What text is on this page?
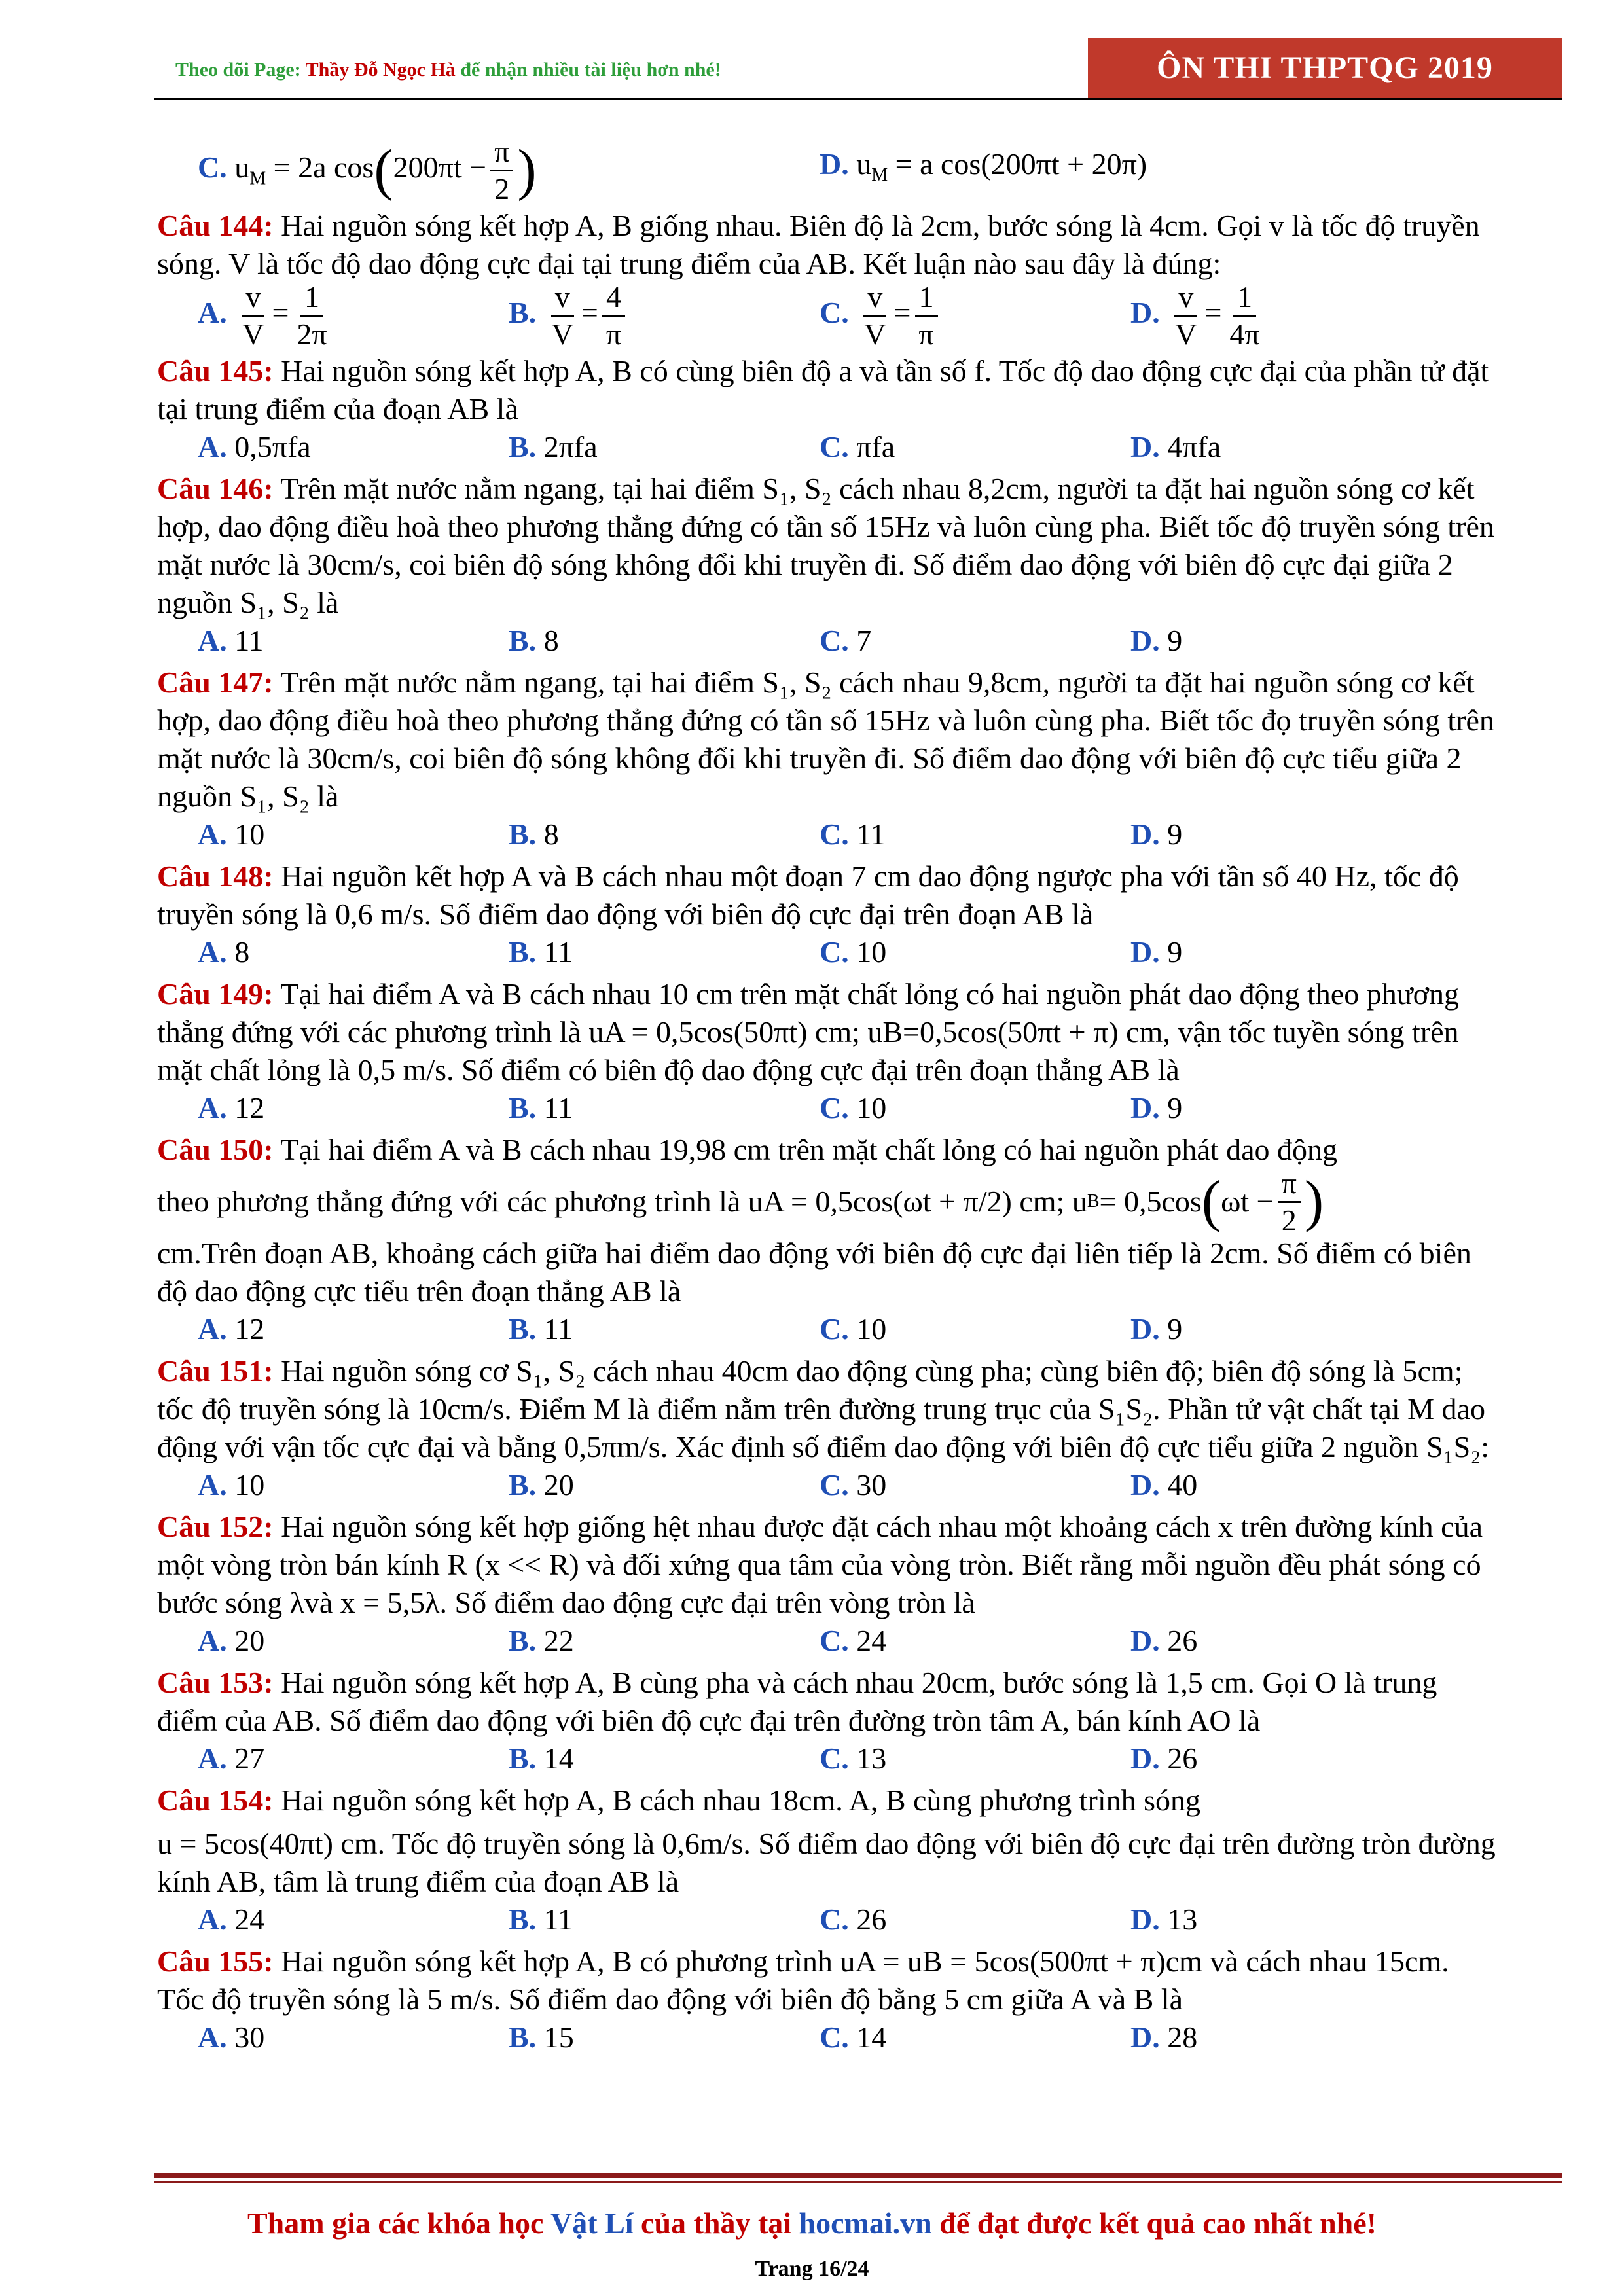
Theo dõi Page: Thầy Đỗ Ngọc Hà để nhận nhiều tài liệu hơn nhé!	ÔN THI THPTQG 2019
C. $u_M = 2a$ $\cos(200\pi t - \frac{\pi}{2}$ )	D. $u_M = a$ cos(200πt + 20π)
Câu 144: Hai nguồn sóng kết hợp A, B giống nhau. Biên độ là 2cm, bước sóng là 4cm. Gọi v là tốc độ truyền sóng. V là tốc độ dao động cực đại tại trung điểm của AB. Kết luận nào sau đây là đúng:
A. $\frac{v}{V} = \frac{1}{2\pi}$	B. $\frac{v}{V} = \frac{4}{\pi}$	C. $\frac{v}{V} = \frac{1}{\pi}$	D. $\frac{v}{V} = \frac{1}{4\pi}$
Câu 145: Hai nguồn sóng kết hợp A, B có cùng biên độ a và tần số f. Tốc độ dao động cực đại của phần tử đặt tại trung điểm của đoạn AB là
A. 0,5πfa	B. 2πfa	C. πfa	D. 4πfa
Câu 146: Trên mặt nước nằm ngang, tại hai điểm S₁, S₂ cách nhau 8,2cm, người ta đặt hai nguồn sóng cơ kết hợp, dao động điều hoà theo phương thẳng đứng có tần số 15Hz và luôn cùng pha. Biết tốc độ truyền sóng trên mặt nước là 30cm/s, coi biên độ sóng không đổi khi truyền đi. Số điểm dao động với biên độ cực đại giữa 2 nguồn S₁, S₂ là
A. 11	B. 8	C. 7	D. 9
Câu 147: Trên mặt nước nằm ngang, tại hai điểm S₁, S₂ cách nhau 9,8cm, người ta đặt hai nguồn sóng cơ kết hợp, dao động điều hoà theo phương thẳng đứng có tần số 15Hz và luôn cùng pha. Biết tốc đọ truyền sóng trên mặt nước là 30cm/s, coi biên độ sóng không đổi khi truyền đi. Số điểm dao động với biên độ cực tiểu giữa 2 nguồn S₁, S₂ là
A. 10	B. 8	C. 11	D. 9
Câu 148: Hai nguồn kết hợp A và B cách nhau một đoạn 7 cm dao động ngược pha với tần số 40 Hz, tốc độ truyền sóng là 0,6 m/s. Số điểm dao động với biên độ cực đại trên đoạn AB là
A. 8	B. 11	C. 10	D. 9
Câu 149: Tại hai điểm A và B cách nhau 10 cm trên mặt chất lỏng có hai nguồn phát dao động theo phương thẳng đứng với các phương trình là uA = 0,5cos(50πt) cm; uB=0,5cos(50πt + π) cm, vận tốc tuyền sóng trên mặt chất lỏng là 0,5 m/s. Số điểm có biên độ dao động cực đại trên đoạn thẳng AB là
A. 12	B. 11	C. 10	D. 9
Câu 150: Tại hai điểm A và B cách nhau 19,98 cm trên mặt chất lỏng có hai nguồn phát dao động
theo phương thẳng đứng với các phương trình là uA = 0,5cos(ωt + π/2) cm;
u B = 0,5cos ( $\omega t - \frac{\pi}{2}$ )
cm.Trên đoạn AB, khoảng cách giữa hai điểm dao động với biên độ cực đại liên tiếp là 2cm. Số điểm có biên độ dao động cực tiểu trên đoạn thẳng AB là
A. 12	B. 11	C. 10	D. 9
Câu 151: Hai nguồn sóng cơ S₁, S₂ cách nhau 40cm dao động cùng pha; cùng biên độ; biên độ sóng là 5cm; tốc độ truyền sóng là 10cm/s. Điểm M là điểm nằm trên đường trung trục của S₁S₂. Phần tử vật chất tại M dao động với vận tốc cực đại và bằng 0,5πm/s. Xác định số điểm dao động với biên độ cực tiểu giữa 2 nguồn S₁S₂:
A. 10	B. 20	C. 30	D. 40
Câu 152: Hai nguồn sóng kết hợp giống hệt nhau được đặt cách nhau một khoảng cách x trên đường kính của một vòng tròn bán kính R (x << R) và đối xứng qua tâm của vòng tròn. Biết rằng mỗi nguồn đều phát sóng có bước sóng λvà x = 5,5λ. Số điểm dao động cực đại trên vòng tròn là
A. 20	B. 22	C. 24	D. 26
Câu 153: Hai nguồn sóng kết hợp A, B cùng pha và cách nhau 20cm, bước sóng là 1,5 cm. Gọi O là trung điểm của AB. Số điểm dao động với biên độ cực đại trên đường tròn tâm A, bán kính AO là
A. 27	B. 14	C. 13	D. 26
Câu 154: Hai nguồn sóng kết hợp A, B cách nhau 18cm. A, B cùng phương trình sóng
u = 5cos(40πt) cm. Tốc độ truyền sóng là 0,6m/s. Số điểm dao động với biên độ cực đại trên đường tròn đường kính AB, tâm là trung điểm của đoạn AB là
A. 24	B. 11	C. 26	D. 13
Câu 155: Hai nguồn sóng kết hợp A, B có phương trình uA = uB = 5cos(500πt + π)cm và cách nhau 15cm. Tốc độ truyền sóng là 5 m/s. Số điểm dao động với biên độ bằng 5 cm giữa A và B là
A. 30	B. 15	C. 14	D. 28
Tham gia các khóa học Vật Lí của thầy tại hocmai.vn để đạt được kết quả cao nhất nhé!
Trang 16/24
